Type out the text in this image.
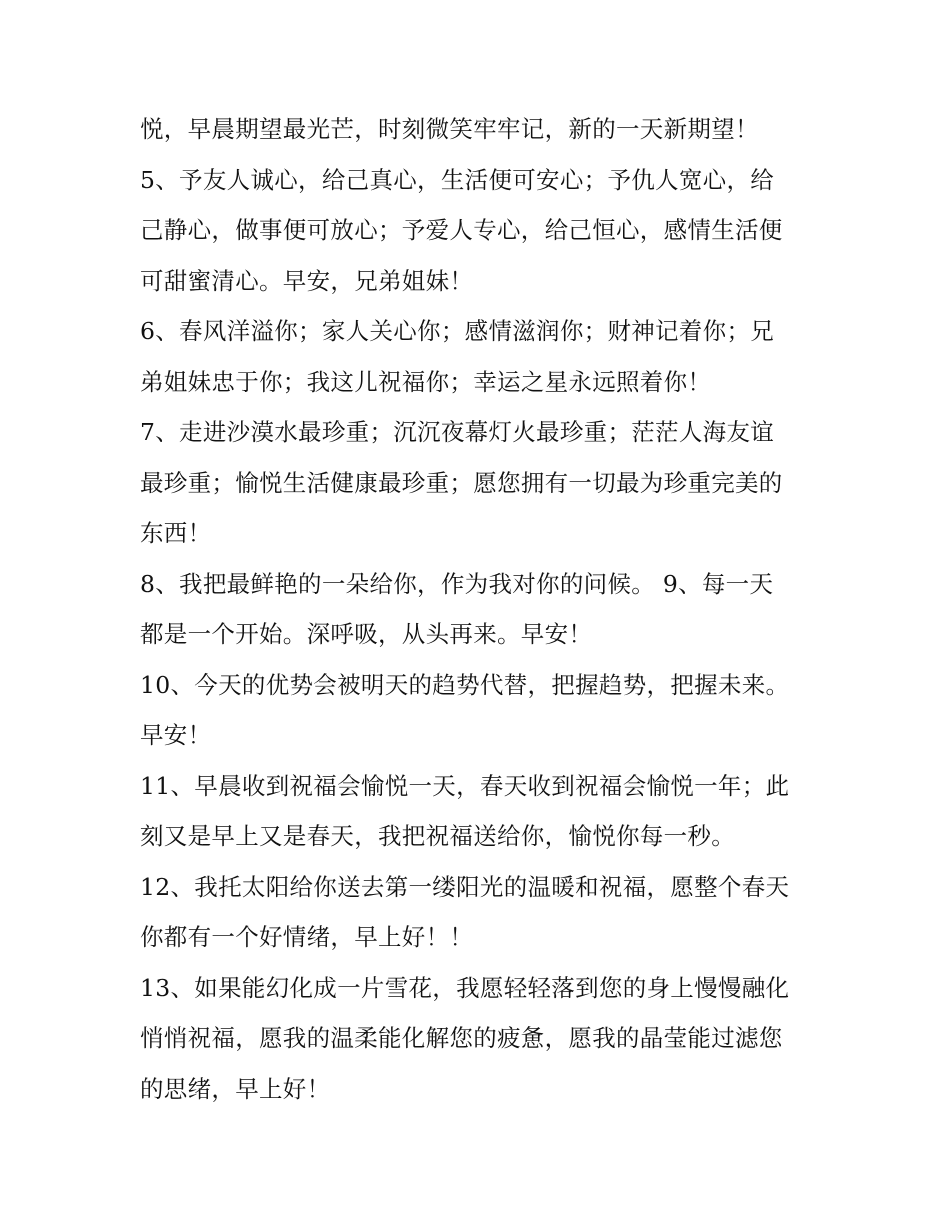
悦，早晨期望最光芒，时刻微笑牢牢记，新的一天新期望！
5、予友人诚心，给己真心，生活便可安心；予仇人宽心，给
己静心，做事便可放心；予爱人专心，给己恒心，感情生活便
可甜蜜清心。早安，兄弟姐妹！
6、春风洋溢你；家人关心你；感情滋润你；财神记着你；兄
弟姐妹忠于你；我这儿祝福你；幸运之星永远照着你！
7、走进沙漠水最珍重；沉沉夜幕灯火最珍重；茫茫人海友谊
最珍重；愉悦生活健康最珍重；愿您拥有一切最为珍重完美的
东西！
8、我把最鲜艳的一朵给你，作为我对你的问候。 9、每一天
都是一个开始。深呼吸，从头再来。早安！
10、今天的优势会被明天的趋势代替，把握趋势，把握未来。
早安！
11、早晨收到祝福会愉悦一天，春天收到祝福会愉悦一年；此
刻又是早上又是春天，我把祝福送给你，愉悦你每一秒。
12、我托太阳给你送去第一缕阳光的温暖和祝福，愿整个春天
你都有一个好情绪，早上好！！
13、如果能幻化成一片雪花，我愿轻轻落到您的身上慢慢融化
悄悄祝福，愿我的温柔能化解您的疲惫，愿我的晶莹能过滤您
的思绪，早上好！
